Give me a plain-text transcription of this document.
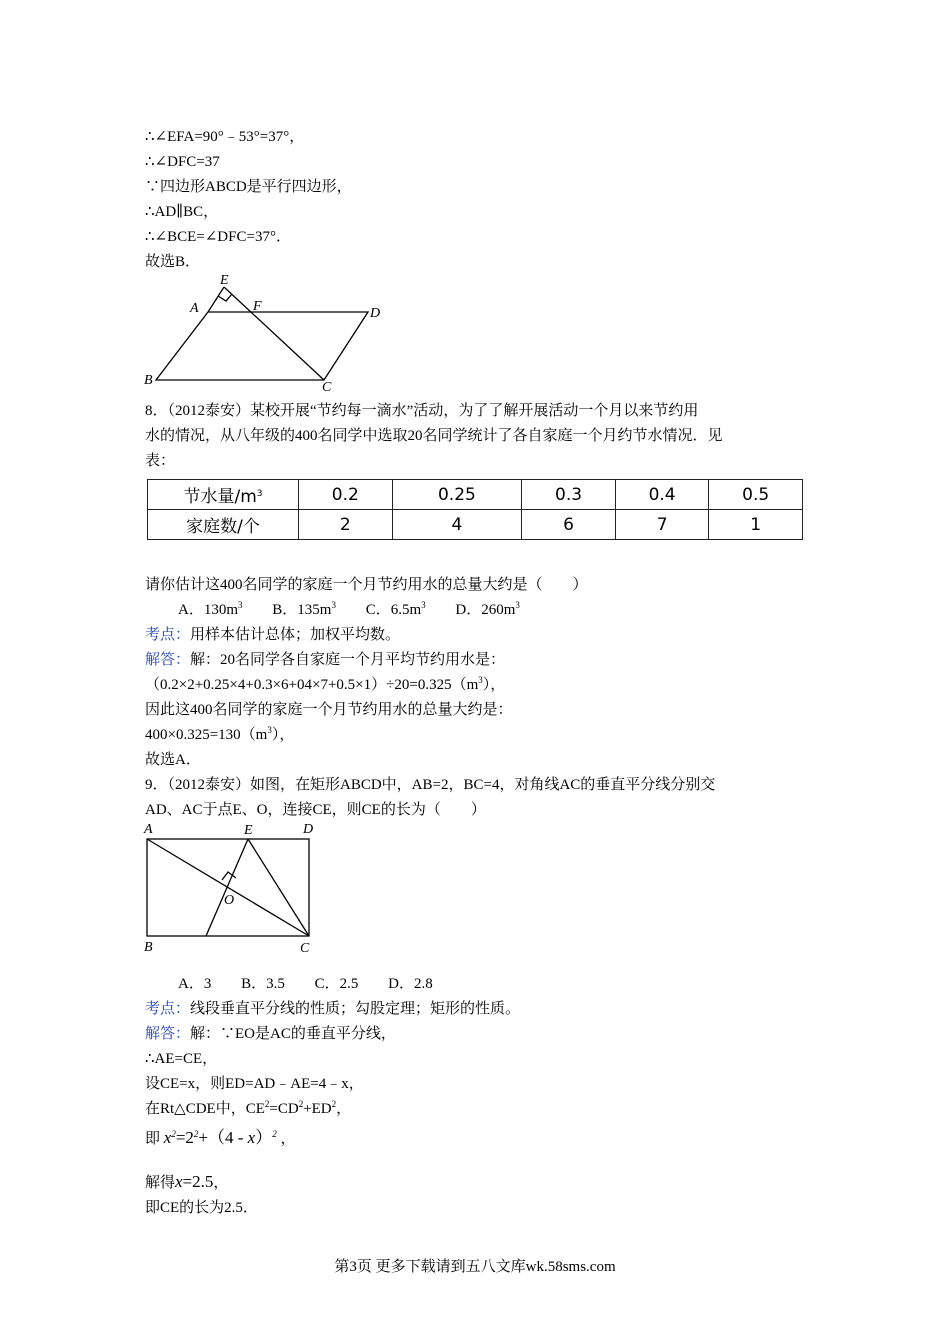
∴∠EFA=90°﹣53°=37°，
∴∠DFC=37
∵四边形ABCD是平行四边形，
∴AD∥BC，
∴∠BCE=∠DFC=37°．
故选B．
E
A	F	D
B	C
8．（2012泰安）某校开展“节约每一滴水”活动，为了了解开展活动一个月以来节约用
水的情况，从八年级的400名同学中选取20名同学统计了各自家庭一个月约节水情况．见
表：
节水量$/m^3$	0.2	0.25	0.3	0.4	0.5
家庭数/个	2	4	6	7	1
请你估计这400名同学的家庭一个月节约用水的总量大约是（　　）
A．$130m^3$ B．$135m^3$ C．$6.5m^3$ D．$260m^3$
考点：用样本估计总体；加权平均数。
解答：解：20名同学各自家庭一个月平均节约用水是：
$(0.2\times 2+0.25\times 4+0.3\times 6+04\times 7+0.5\times 1)\div 20=0.325(m^3)$，
因此这400名同学的家庭一个月节约用水的总量大约是：
$400\times 0.325=130(m^3)$，
故选A．
9．（2012泰安）如图，在矩形ABCD中，AB=2，BC=4，对角线AC的垂直平分线分别交
AD、AC于点E、O，连接CE，则CE的长为（　　）
A	E	D
O
B	C
A．3 B．3.5 C．2.5 D．2.8
考点：线段垂直平分线的性质；勾股定理；矩形的性质。
解答：解：∵EO是AC的垂直平分线，
∴AE=CE，
设CE=x，则ED=AD﹣AE=4﹣x，
在Rt△CDE中，$CE^2=CD^2+ED^2$，
即 $x^2=2^2+(4 - x)^2$ ，
解得x=2.5，
即CE的长为2.5．
第3页 更多下载请到五八文库wk.58sms.com
